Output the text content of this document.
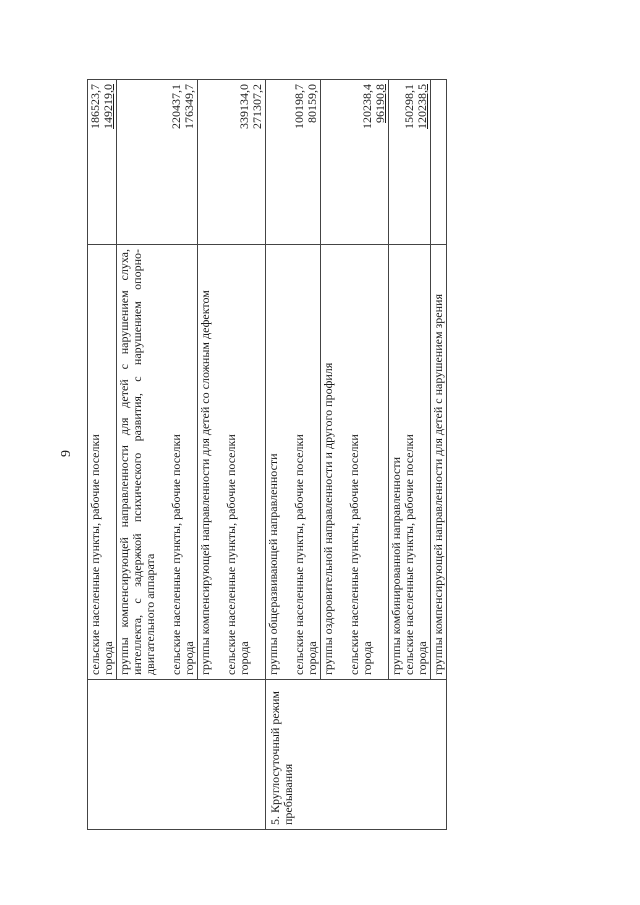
9

	сельские населенные пункты, рабочие поселки города	186523,7 149219,0

	группы компенсирующей направленности для детей с нарушением слуха, интеллекта, с задержкой психического развития, с нарушением опорно-двигательного аппарата сельские населенные пункты, рабочие поселки города	220437,1 176349,7

	группы компенсирующей направленности для детей со сложным дефектом сельские населенные пункты, рабочие поселки города	339134,0 271307,2

5. Круглосуточный режим пребывания	группы общеразвивающей направленности сельские населенные пункты, рабочие поселки города	100198,7 80159,0

	группы оздоровительной направленности и другого профиля сельские населенные пункты, рабочие поселки города	120238,4 96190,8

	группы комбинированной направленности сельские населенные пункты, рабочие поселки города	150298,1 120238,5

	группы компенсирующей направленности для детей с нарушением зрения	
